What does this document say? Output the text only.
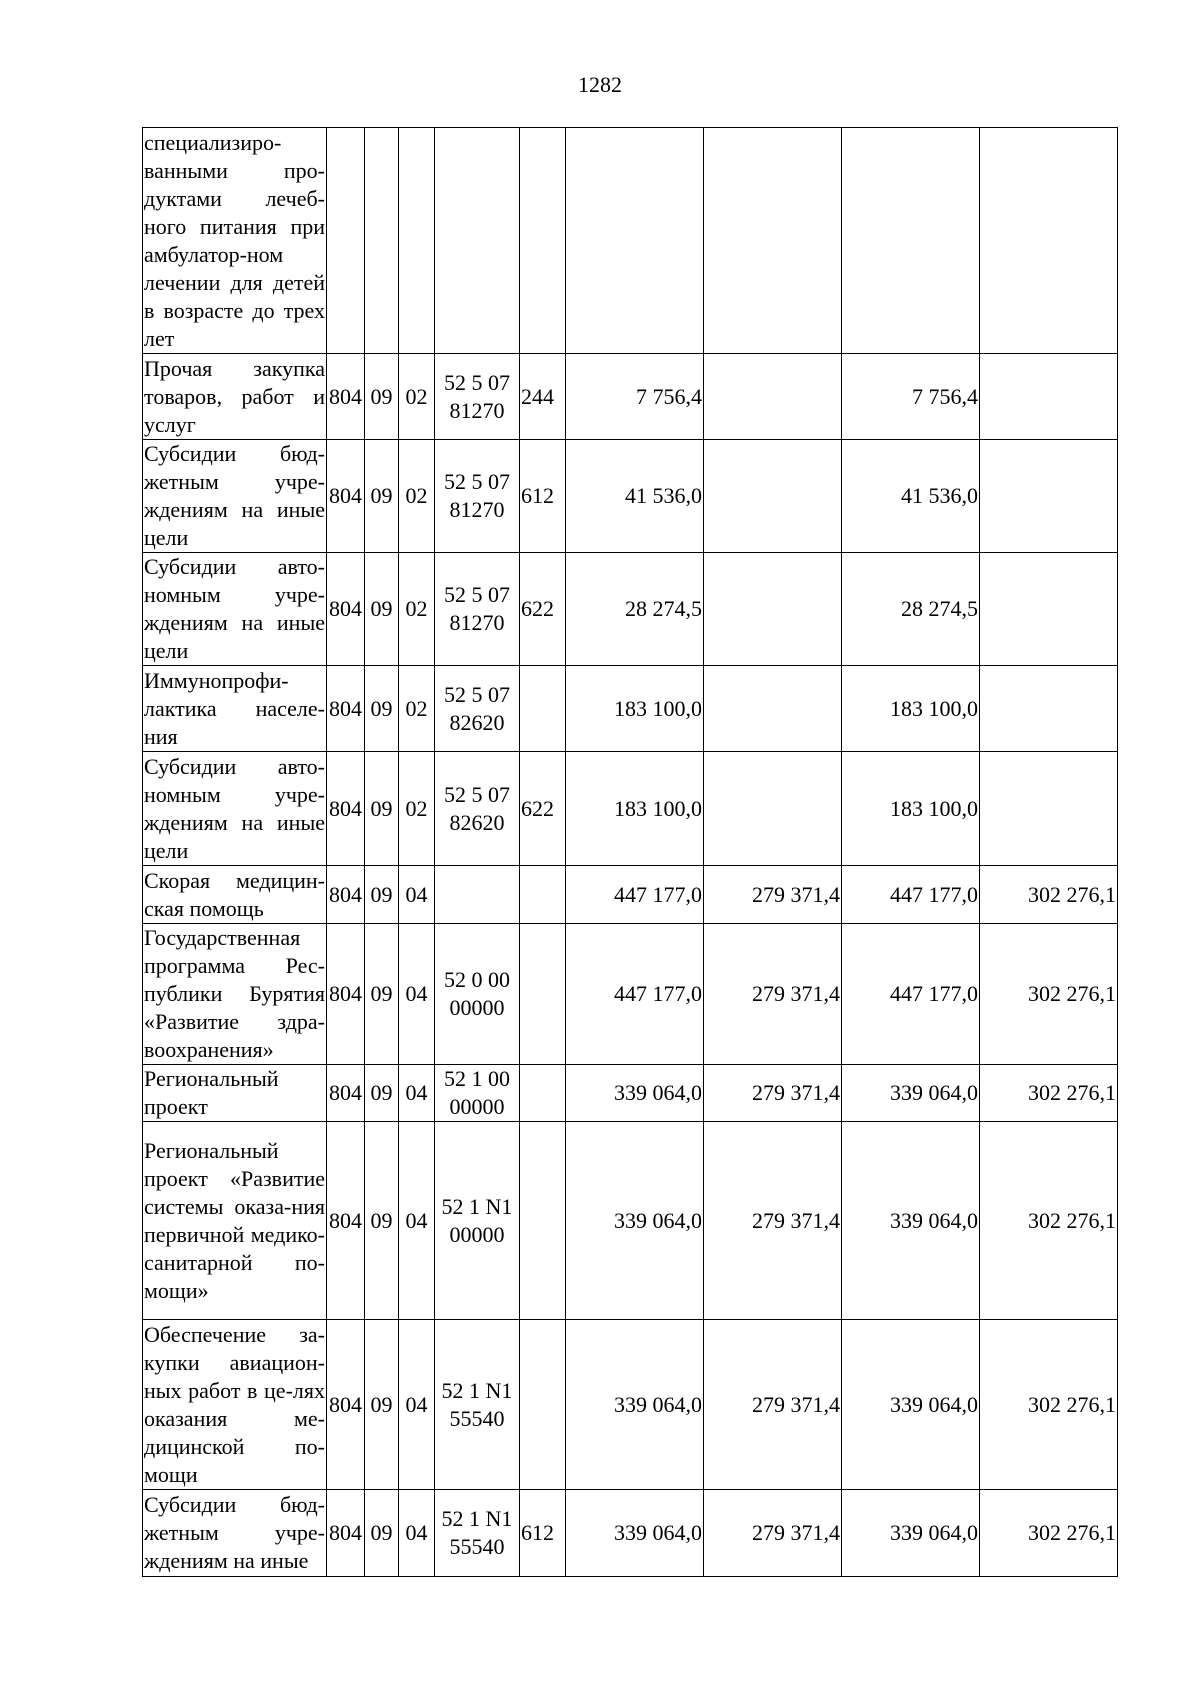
1282
специализиро-ванными про-дуктами лечеб-ного питания при амбулатор-ном лечении для детей в возрасте до трех лет									

Прочая закупка товаров, работ и услуг	804	09	02	52 5 07 81270	244	7 756,4		7 756,4	

Субсидии бюд-жетным учре-ждениям на иные цели	804	09	02	52 5 07 81270	612	41 536,0		41 536,0	

Субсидии авто-номным учре-ждениям на иные цели	804	09	02	52 5 07 81270	622	28 274,5		28 274,5	

Иммунопрофи-лактика населе-ния	804	09	02	52 5 07 82620		183 100,0		183 100,0	

Субсидии авто-номным учре-ждениям на иные цели	804	09	02	52 5 07 82620	622	183 100,0		183 100,0	

Скорая медицин-ская помощь	804	09	04			447 177,0	279 371,4	447 177,0	302 276,1

Государственная программа Рес-публики Бурятия «Развитие здра-воохранения»	804	09	04	52 0 00 00000		447 177,0	279 371,4	447 177,0	302 276,1

Региональный проект	804	09	04	52 1 00 00000		339 064,0	279 371,4	339 064,0	302 276,1

Региональный проект «Развитие системы оказа-ния первичной медико-санитарной по-мощи»	804	09	04	52 1 N1 00000		339 064,0	279 371,4	339 064,0	302 276,1

Обеспечение за-купки авиацион-ных работ в це-лях оказания ме-дицинской по-мощи	804	09	04	52 1 N1 55540		339 064,0	279 371,4	339 064,0	302 276,1

Субсидии бюд-жетным учре-ждениям на иные	804	09	04	52 1 N1 55540	612	339 064,0	279 371,4	339 064,0	302 276,1
